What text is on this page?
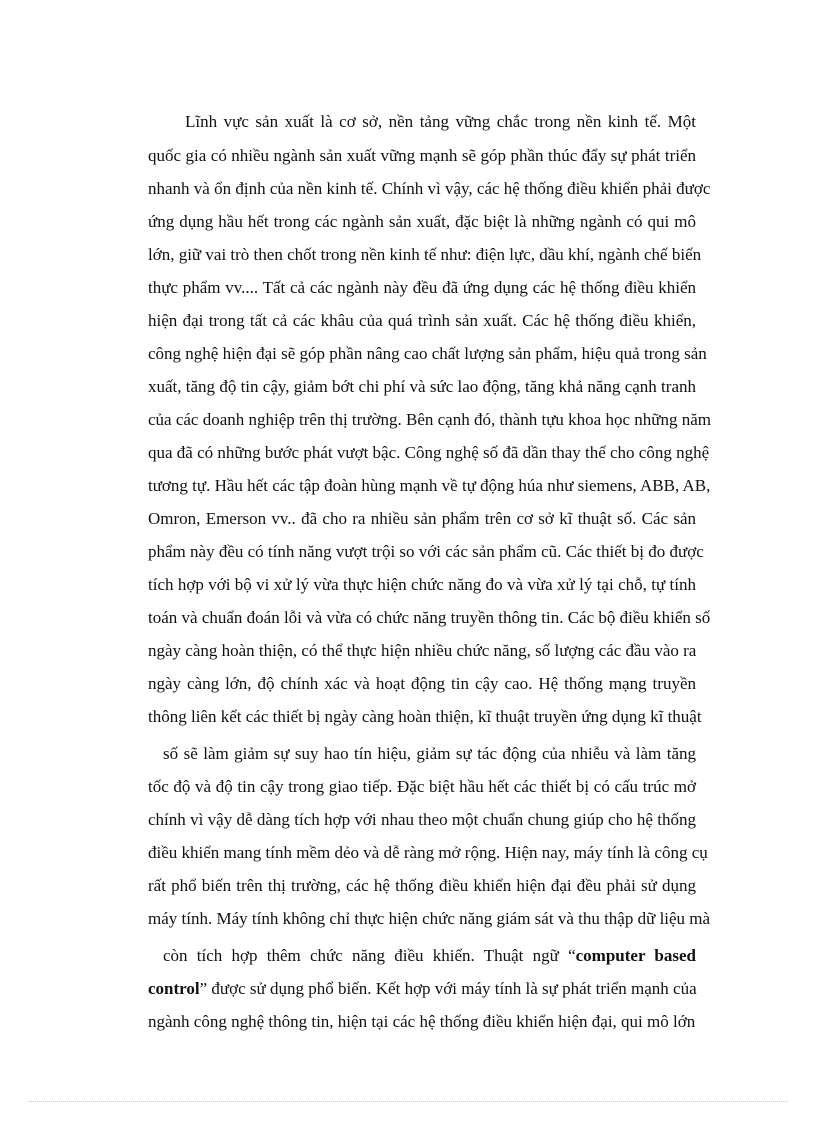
Lĩnh vực sản xuất là cơ sở, nền tảng vững chắc trong nền kinh tế. Một
quốc gia có nhiều ngành sản xuất vững mạnh sẽ góp phần thúc đẩy sự phát triển
nhanh và ổn định của nền kinh tế. Chính vì vậy, các hệ thống điều khiển phải được
ứng dụng hầu hết trong các ngành sản xuất, đặc biệt là những ngành có qui mô
lớn, giữ vai trò then chốt trong nền kinh tế như: điện lực, dầu khí, ngành chế biến
thực phẩm vv.... Tất cả các ngành này đều đã ứng dụng các hệ thống điều khiển
hiện đại trong tất cả các khâu của quá trình sản xuất. Các hệ thống điều khiển,
công nghệ hiện đại sẽ góp phần nâng cao chất lượng sản phẩm, hiệu quả trong sản
xuất, tăng độ tin cậy, giảm bớt chi phí và sức lao động, tăng khả năng cạnh tranh
của các doanh nghiệp trên thị trường. Bên cạnh đó, thành tựu khoa học những năm
qua đã có những bước phát vượt bậc. Công nghệ số đã dần thay thế cho công nghệ
tương tự. Hầu hết các tập đoàn hùng mạnh về tự động húa như siemens, ABB, AB,
Omron, Emerson vv.. đã cho ra nhiều sản phẩm trên cơ sở kĩ thuật số. Các sản
phẩm này đều có tính năng vượt trội so với các sản phẩm cũ. Các thiết bị đo được
tích hợp với bộ vi xử lý vừa thực hiện chức năng đo và vừa xử lý tại chỗ, tự tính
toán và chuẩn đoán lỗi và vừa có chức năng truyền thông tin. Các bộ điều khiển số
ngày càng hoàn thiện, có thể thực hiện nhiều chức năng, số lượng các đầu vào ra
ngày càng lớn, độ chính xác và hoạt động tin cậy cao. Hệ thống mạng truyền
thông liên kết các thiết bị ngày càng hoàn thiện, kĩ thuật truyền ứng dụng kĩ thuật
số sẽ làm giảm sự suy hao tín hiệu, giảm sự tác động của nhiễu và làm tăng
tốc độ và độ tin cậy trong giao tiếp. Đặc biệt hầu hết các thiết bị có cấu trúc mở
chính vì vậy dễ dàng tích hợp với nhau theo một chuẩn chung giúp cho hệ thống
điều khiển mang tính mềm dẻo và dễ ràng mở rộng. Hiện nay, máy tính là công cụ
rất phổ biến trên thị trường, các hệ thống điều khiển hiện đại đều phải sử dụng
máy tính. Máy tính không chỉ thực hiện chức năng giám sát và thu thập dữ liệu mà
còn tích hợp thêm chức năng điều khiển. Thuật ngữ “computer based
control” được sử dụng phổ biến. Kết hợp với máy tính là sự phát triển mạnh của
ngành công nghệ thông tin, hiện tại các hệ thống điều khiển hiện đại, qui mô lớn
